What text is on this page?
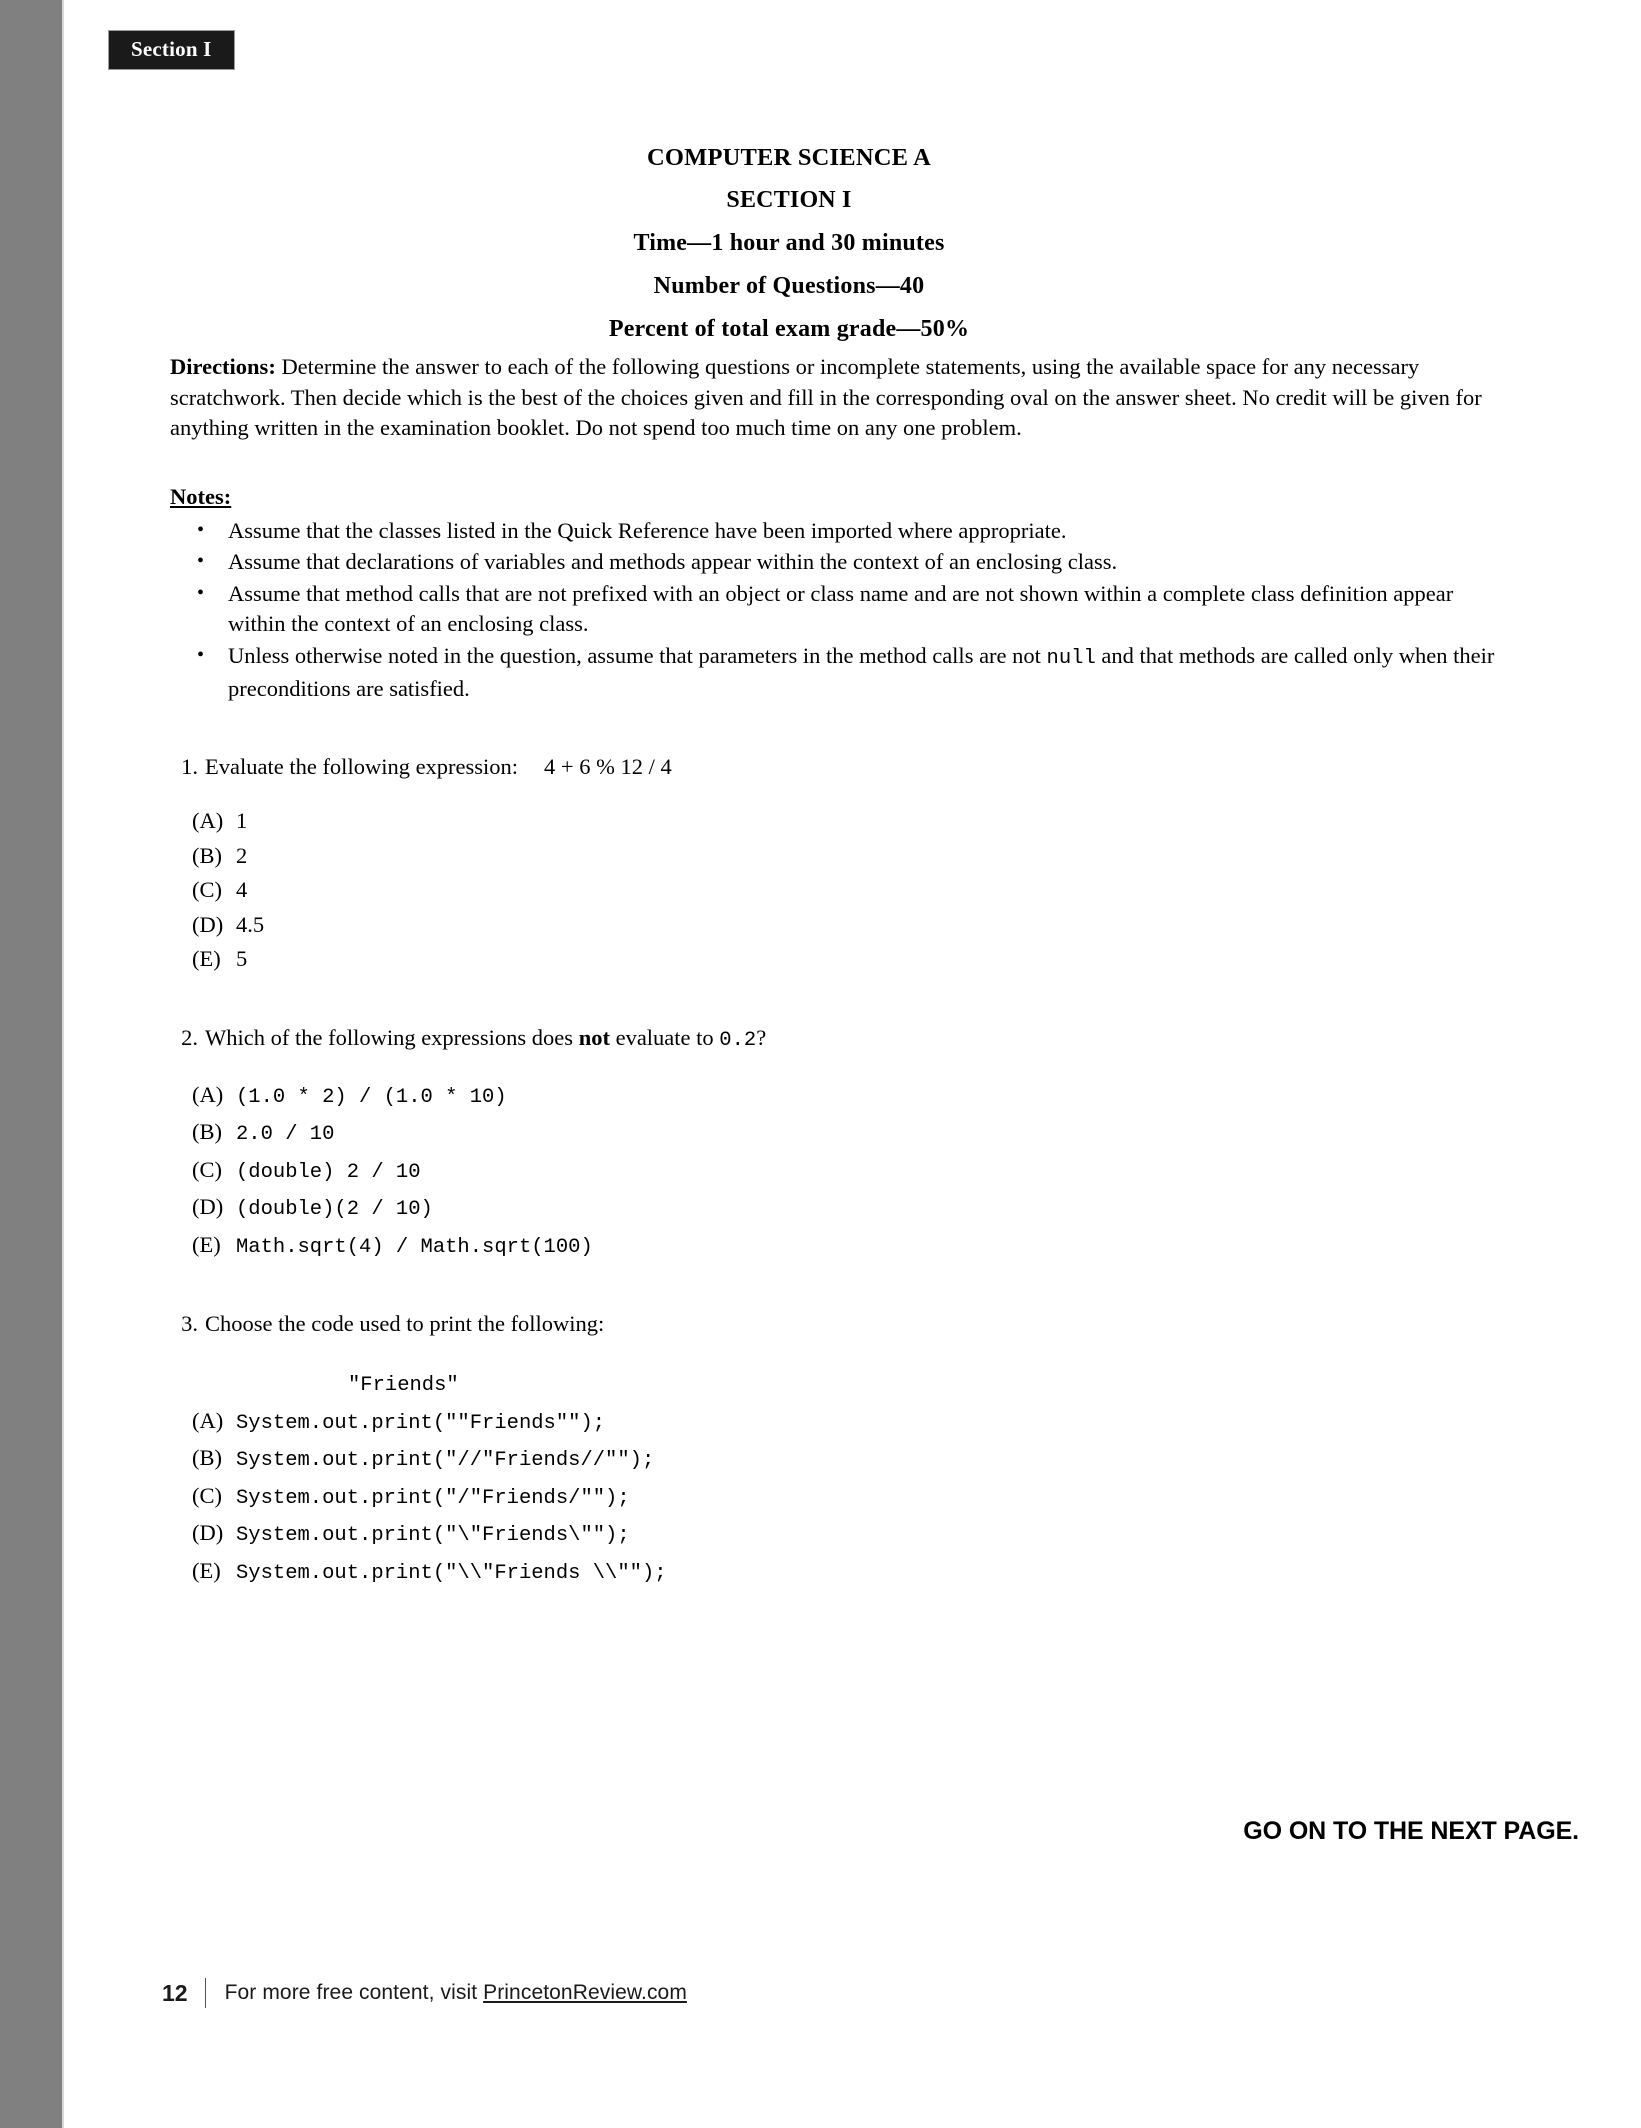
Section I
COMPUTER SCIENCE A
SECTION I
Time—1 hour and 30 minutes
Number of Questions—40
Percent of total exam grade—50%

Directions: Determine the answer to each of the following questions or incomplete statements, using the available space for any necessary scratchwork. Then decide which is the best of the choices given and fill in the corresponding oval on the answer sheet. No credit will be given for anything written in the examination booklet. Do not spend too much time on any one problem.

Notes:
• Assume that the classes listed in the Quick Reference have been imported where appropriate.
• Assume that declarations of variables and methods appear within the context of an enclosing class.
• Assume that method calls that are not prefixed with an object or class name and are not shown within a complete class definition appear within the context of an enclosing class.
• Unless otherwise noted in the question, assume that parameters in the method calls are not null and that methods are called only when their preconditions are satisfied.
1. Evaluate the following expression: 4 + 6 % 12 / 4
(A) 1
(B) 2
(C) 4
(D) 4.5
(E) 5
2. Which of the following expressions does not evaluate to 0.2?
(A) (1.0 * 2) / (1.0 * 10)
(B) 2.0 / 10
(C) (double) 2 / 10
(D) (double)(2 / 10)
(E) Math.sqrt(4) / Math.sqrt(100)
3. Choose the code used to print the following:
"Friends"
(A) System.out.print(""Friends"");
(B) System.out.print("//"Friends//"");
(C) System.out.print("/"Friends/"");
(D) System.out.print("\"Friends\"");
(E) System.out.print("\\"Friends \\"");
GO ON TO THE NEXT PAGE.
12 For more free content, visit PrincetonReview.com
